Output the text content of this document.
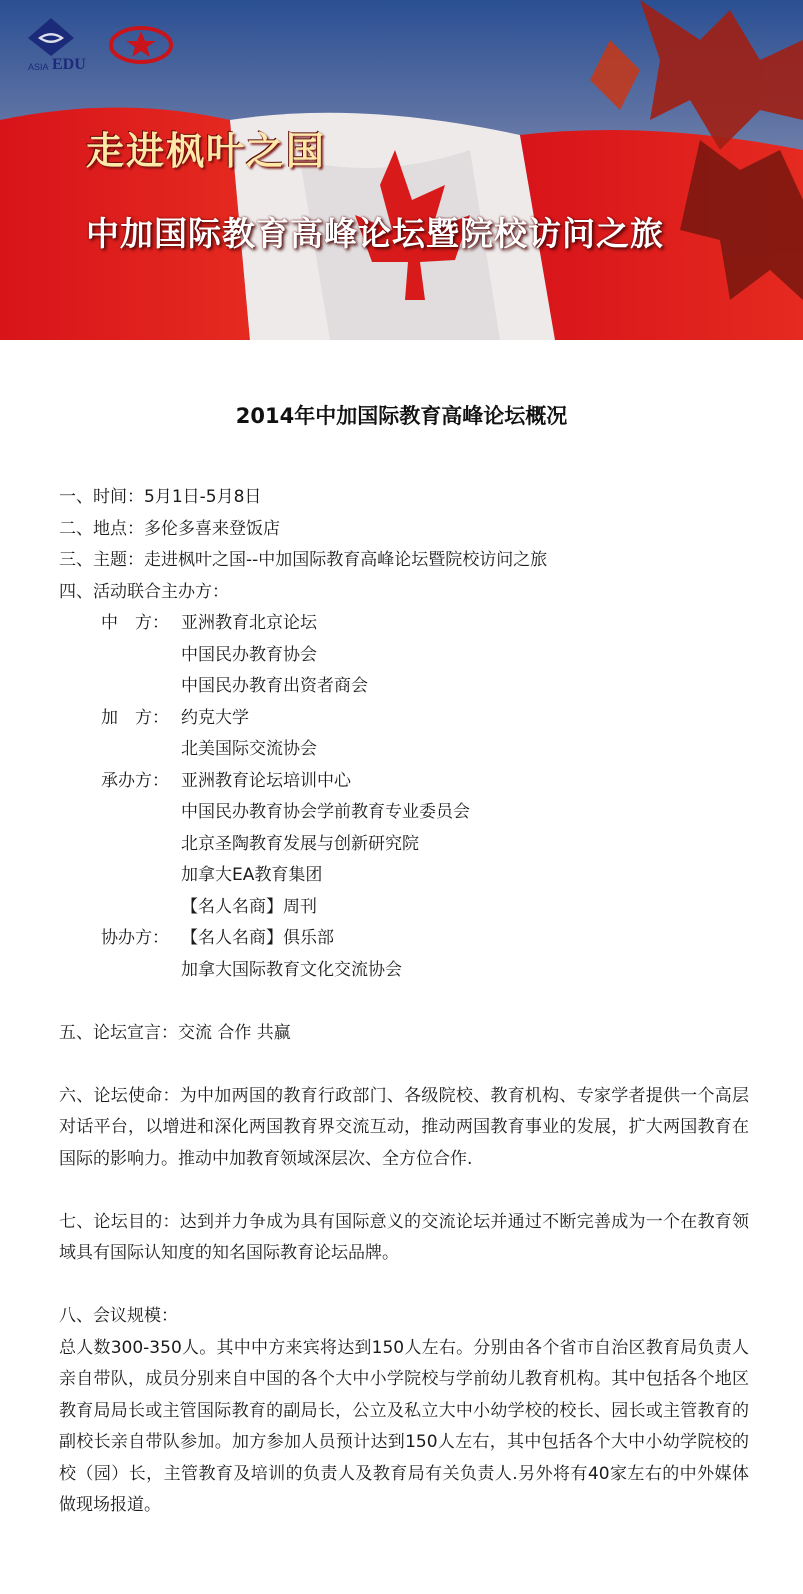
ASIA EDU
走进枫叶之国
中加国际教育高峰论坛暨院校访问之旅
2014年中加国际教育高峰论坛概况
一、时间：5月1日-5月8日
二、地点：多伦多喜来登饭店
三、主题：走进枫叶之国--中加国际教育高峰论坛暨院校访问之旅
四、活动联合主办方：
中　方： 亚洲教育北京论坛
中国民办教育协会
中国民办教育出资者商会
加　方： 约克大学
北美国际交流协会
承办方： 亚洲教育论坛培训中心
中国民办教育协会学前教育专业委员会
北京圣陶教育发展与创新研究院
加拿大EA教育集团
【名人名商】周刊
协办方： 【名人名商】俱乐部
加拿大国际教育文化交流协会
五、论坛宣言：交流 合作 共赢
六、论坛使命：为中加两国的教育行政部门、各级院校、教育机构、专家学者提供一个高层对话平台，以增进和深化两国教育界交流互动，推动两国教育事业的发展，扩大两国教育在国际的影响力。推动中加教育领域深层次、全方位合作.
七、论坛目的：达到并力争成为具有国际意义的交流论坛并通过不断完善成为一个在教育领域具有国际认知度的知名国际教育论坛品牌。
八、会议规模：
总人数300-350人。其中中方来宾将达到150人左右。分别由各个省市自治区教育局负责人亲自带队，成员分别来自中国的各个大中小学院校与学前幼儿教育机构。其中包括各个地区教育局局长或主管国际教育的副局长，公立及私立大中小幼学校的校长、园长或主管教育的副校长亲自带队参加。加方参加人员预计达到150人左右，其中包括各个大中小幼学院校的校（园）长，主管教育及培训的负责人及教育局有关负责人.另外将有40家左右的中外媒体做现场报道。
